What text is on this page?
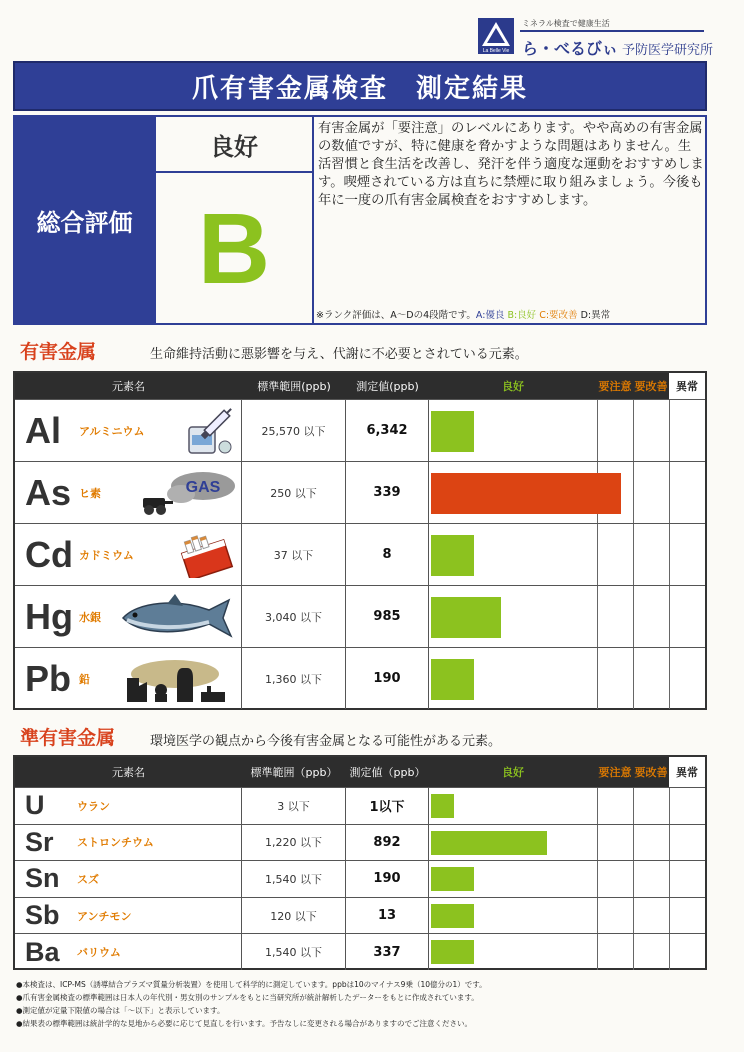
La Belle Vie
ミネラル検査で健康生活
ら・べるびぃ 予防医学研究所
爪有害金属検査　測定結果
総合評価
良好
B
有害金属が「要注意」のレベルにあります。やや高めの有害金属の数値ですが、特に健康を脅かすような問題はありません。生活習慣と食生活を改善し、発汗を伴う適度な運動をおすすめします。喫煙されている方は直ちに禁煙に取り組みましょう。今後も年に一度の爪有害金属検査をおすすめします。
※ランク評価は、A〜Dの4段階です。A:優良 B:良好 C:要改善 D:異常
有害金属	生命維持活動に悪影響を与え、代謝に不必要とされている元素。
元素名	標準範囲(ppb)	測定値(ppb)	良好	要注意 要改善 異常
Al	アルミニウム	25,570 以下	6,342
As ヒ素	GAS	250 以下	339
Cd カドミウム	37 以下	8
Hg 水銀	3,040 以下	985
Pb 鉛	1,360 以下	190
準有害金属	環境医学の観点から今後有害金属となる可能性がある元素。
元素名	標準範囲（ppb）	測定値（ppb）	良好	要注意 要改善 異常
U	ウラン	3 以下	1以下
Sr	ストロンチウム	1,220 以下	892
Sn	スズ	1,540 以下	190
Sb	アンチモン	120 以下	13
Ba	バリウム	1,540 以下	337
●本検査は、ICP-MS（誘導結合プラズマ質量分析装置）を使用して科学的に測定しています。ppbは10のマイナス9乗（10億分の1）です。
●爪有害金属検査の標準範囲は日本人の年代別・男女別のサンプルをもとに当研究所が統計解析したデーターをもとに作成されています。
●測定値が定量下限値の場合は「〜以下」と表示しています。
●結果表の標準範囲は統計学的な見地から必要に応じて見直しを行います。予告なしに変更される場合がありますのでご注意ください。
